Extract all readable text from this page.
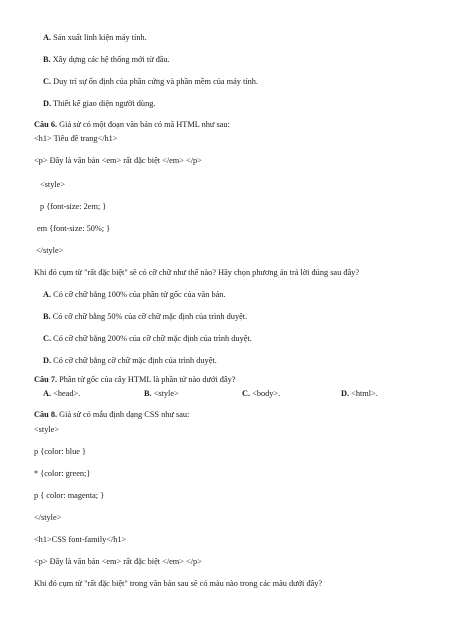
A. Sản xuất linh kiện máy tính.
B. Xây dựng các hệ thống mới từ đầu.
C. Duy trì sự ổn định của phần cứng và phần mềm của máy tính.
D. Thiết kế giao diện người dùng.
Câu 6. Giả sử có một đoạn văn bản có mã HTML như sau:
<h1> Tiêu đề trang</h1>
<p> Đây là văn bản <em> rất đặc biệt </em> </p>
<style>
p {font-size: 2em; }
em {font-size: 50%; }
</style>
Khi đó cụm từ "rất đặc biệt" sẽ có cỡ chữ như thế nào? Hãy chọn phương án trả lời đúng sau đây?
A. Có cỡ chữ bằng 100% của phần tử gốc của văn bản.
B. Có cỡ chữ bằng 50% của cỡ chữ mặc định của trình duyệt.
C. Có cỡ chữ bằng 200% của cỡ chữ mặc định của trình duyệt.
D. Có cỡ chữ bằng cỡ chữ mặc định của trình duyệt.
Câu 7. Phần tử gốc của cây HTML là phần tử nào dưới đây?
A. <head>.	B. <style>	C. <body>.	D. <html>.
Câu 8. Giả sử có mẫu định dạng CSS như sau:
<style>
p {color: blue }
* {color: green;}
p { color: magenta; }
</style>
<h1>CSS font-family</h1>
<p> Đây là văn bản <em> rất đặc biệt </em> </p>
Khi đó cụm từ "rất đặc biệt" trong văn bản sau sẽ có màu nào trong các màu dưới đây?
